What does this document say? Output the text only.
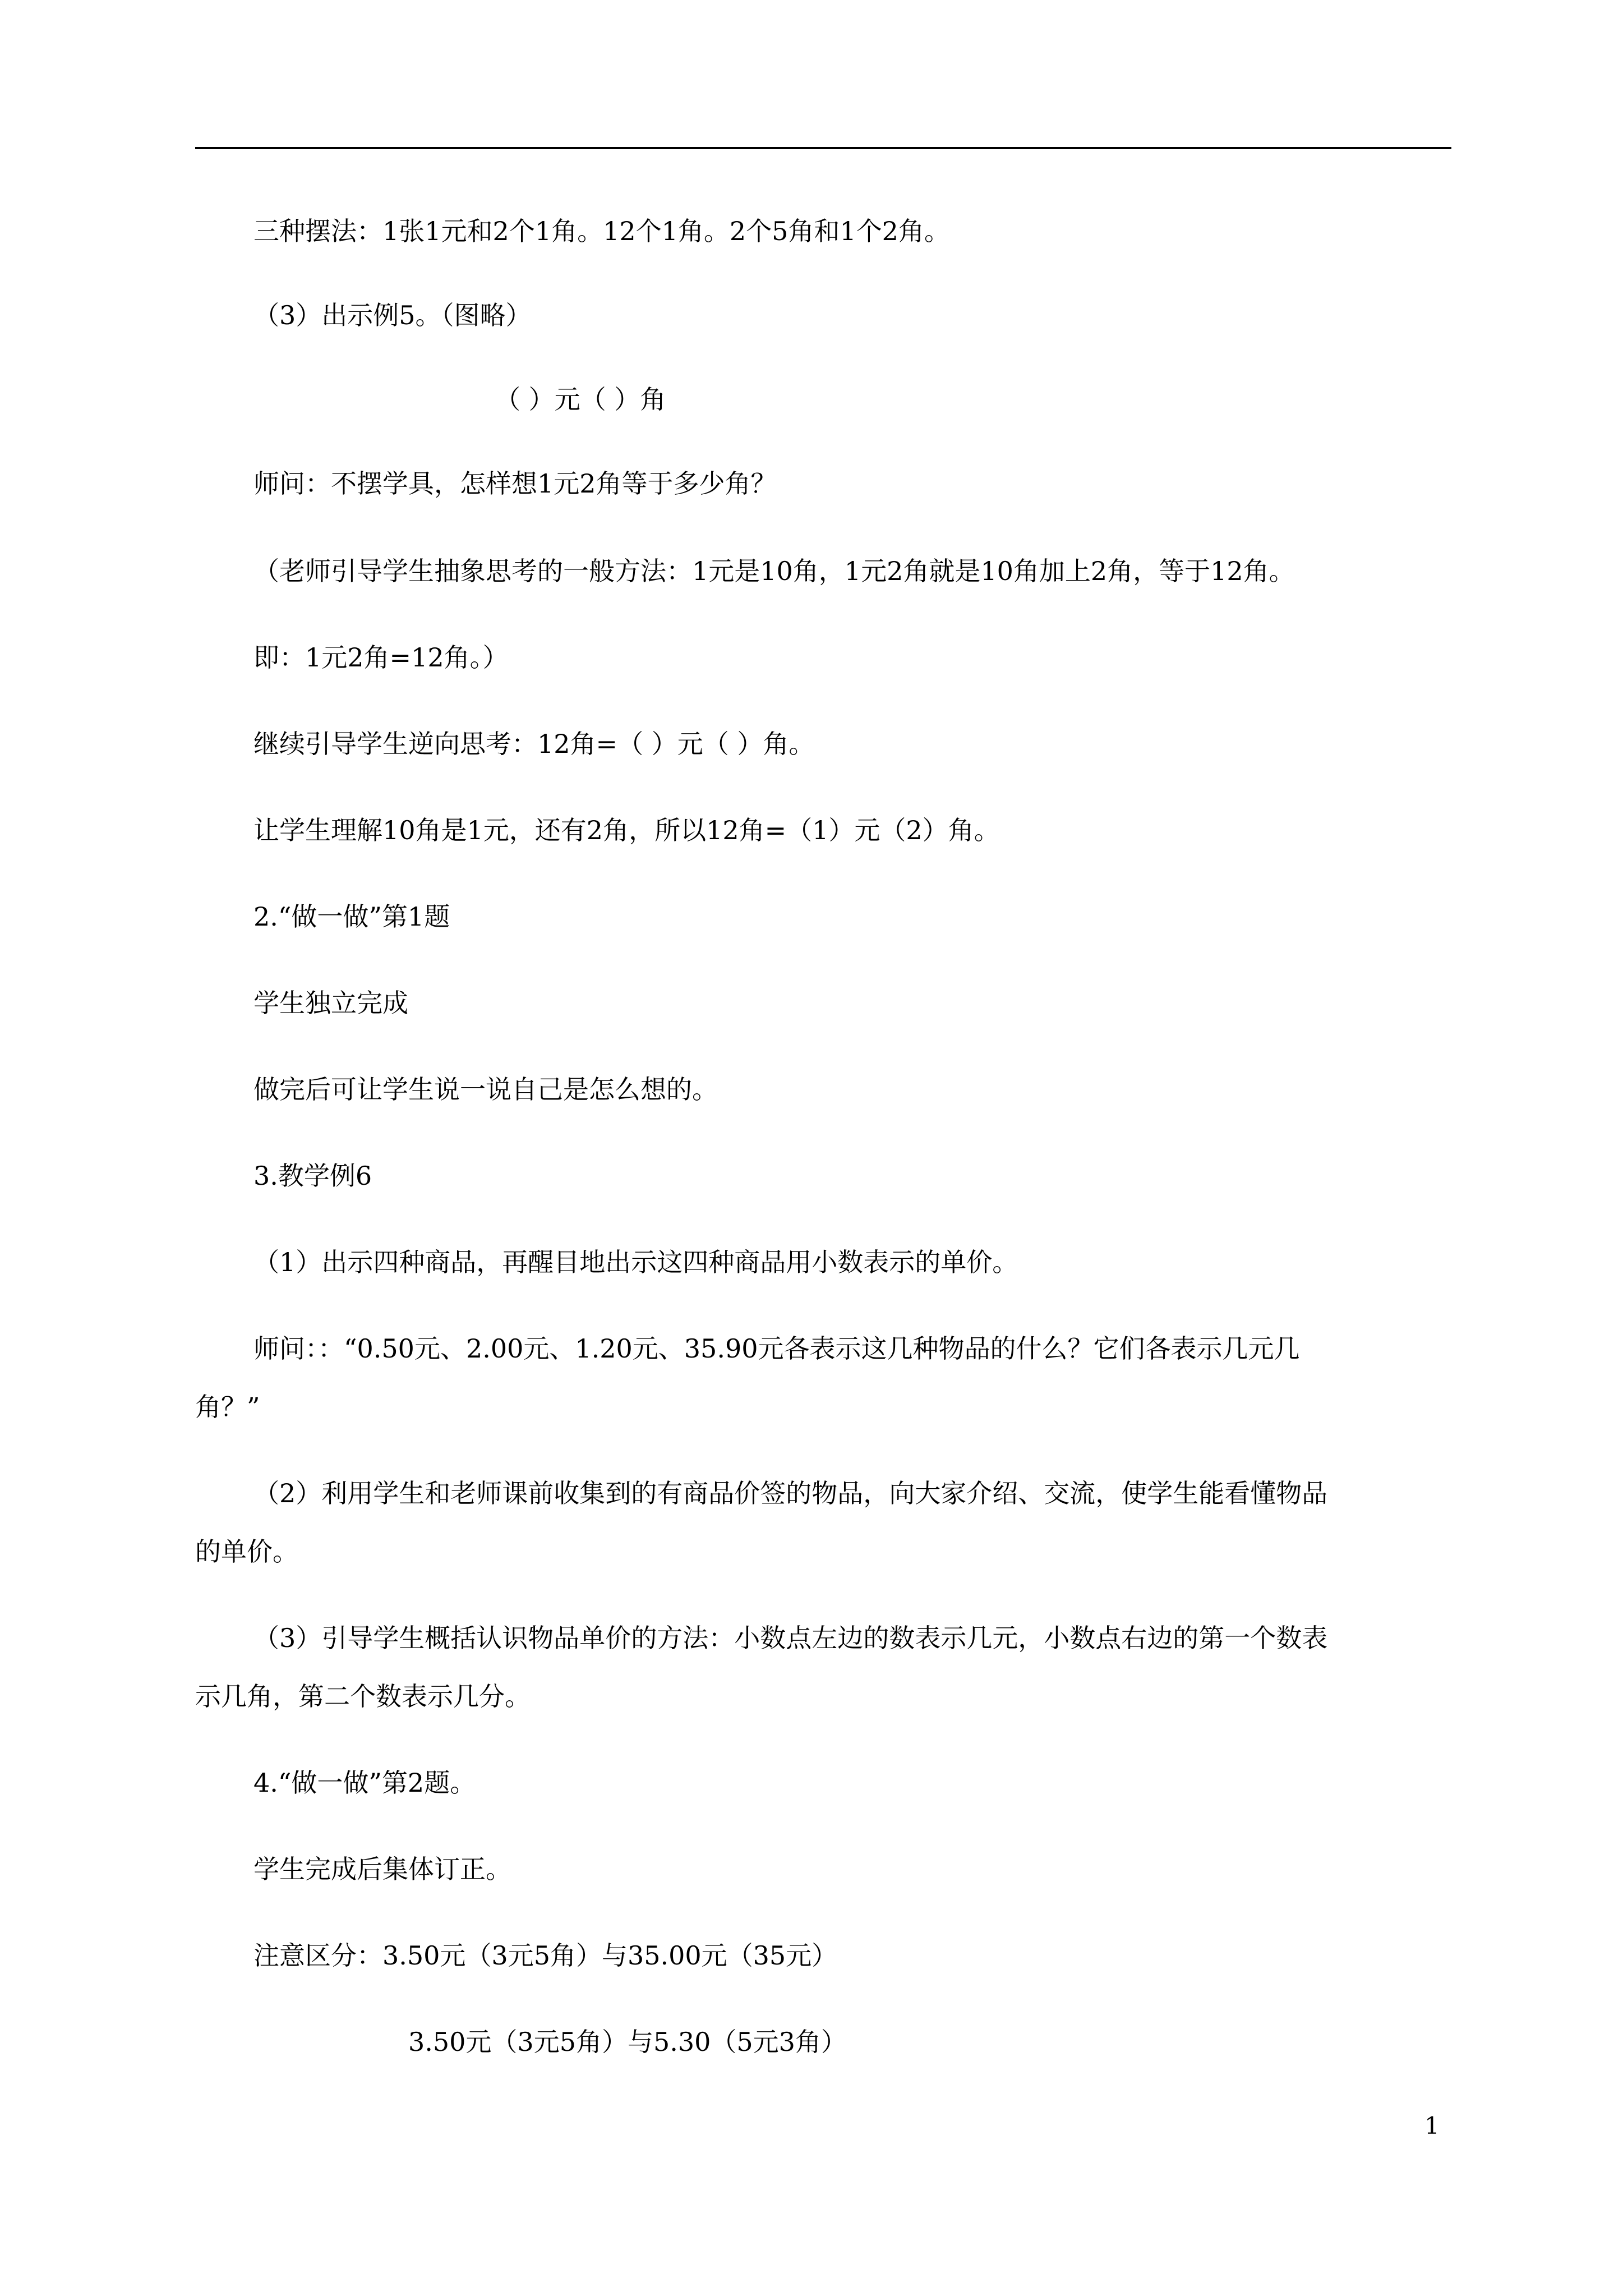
三种摆法：1张1元和2个1角。12个1角。2个5角和1个2角。

（3）出示例5。（图略）

（ ）元（ ）角

师问：不摆学具，怎样想1元2角等于多少角？

（老师引导学生抽象思考的一般方法：1元是10角，1元2角就是10角加上2角，等于12角。

即：1元2角=12角。）

继续引导学生逆向思考：12角=（ ）元（ ）角。

让学生理解10角是1元，还有2角，所以12角=（1）元（2）角。

2.“做一做”第1题

学生独立完成

做完后可让学生说一说自己是怎么想的。

3.教学例6

（1）出示四种商品，再醒目地出示这四种商品用小数表示的单价。

师问：：“0.50元、2.00元、1.20元、35.90元各表示这几种物品的什么？它们各表示几元几

角？”

（2）利用学生和老师课前收集到的有商品价签的物品，向大家介绍、交流，使学生能看懂物品

的单价。

（3）引导学生概括认识物品单价的方法：小数点左边的数表示几元，小数点右边的第一个数表

示几角，第二个数表示几分。

4.“做一做”第2题。

学生完成后集体订正。

注意区分：3.50元（3元5角）与35.00元（35元）

3.50元（3元5角）与5.30（5元3角）

1
